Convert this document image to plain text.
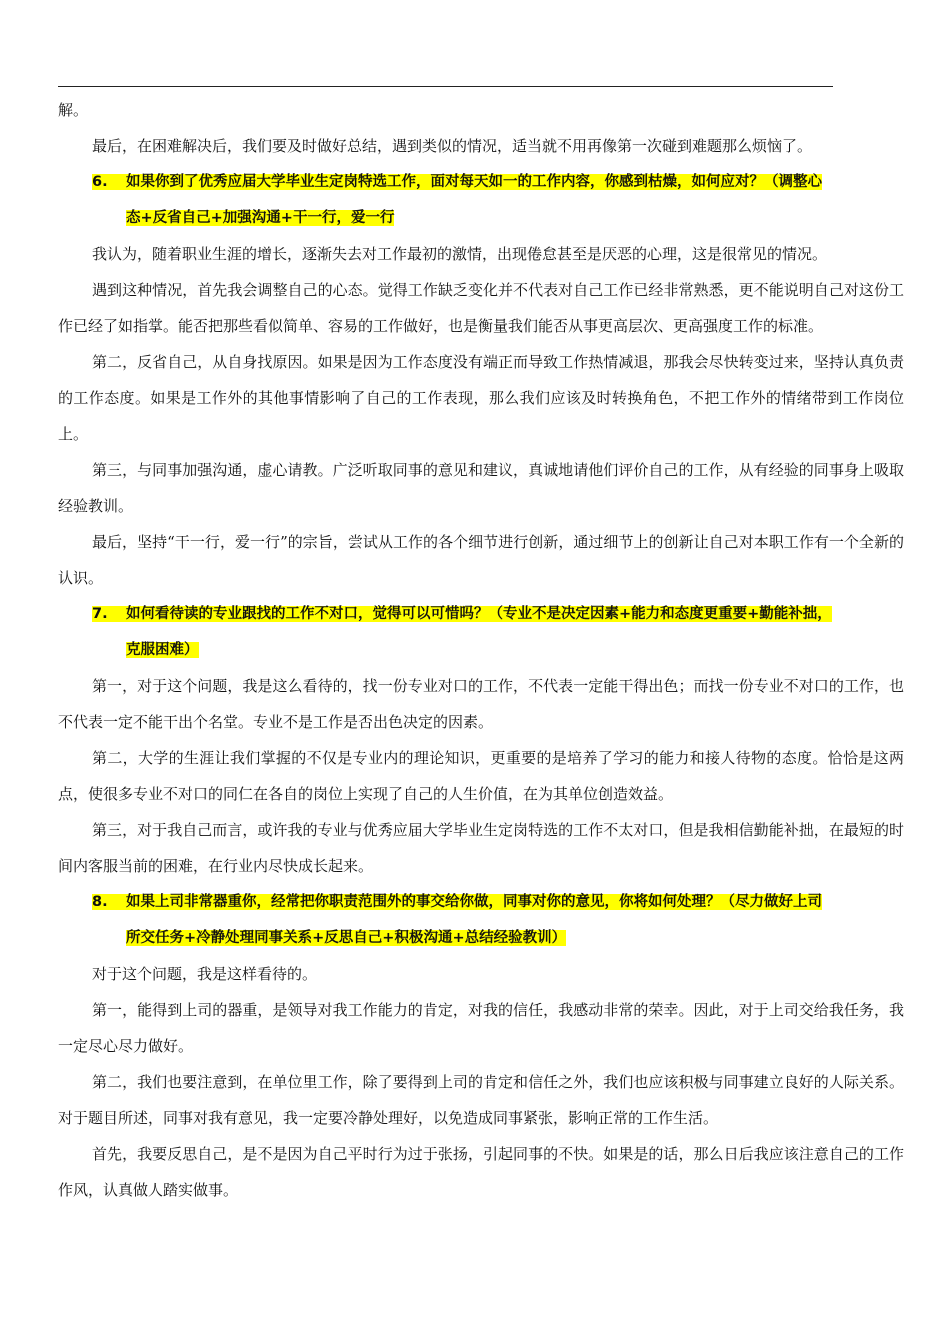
解。

最后，在困难解决后，我们要及时做好总结，遇到类似的情况，适当就不用再像第一次碰到难题那么烦恼了。

6. 如果你到了优秀应届大学毕业生定岗特选工作，面对每天如一的工作内容，你感到枯燥，如何应对？（调整心
态+反省自己+加强沟通+干一行，爱一行

我认为，随着职业生涯的增长，逐渐失去对工作最初的激情，出现倦怠甚至是厌恶的心理，这是很常见的情况。

遇到这种情况，首先我会调整自己的心态。觉得工作缺乏变化并不代表对自己工作已经非常熟悉，更不能说明自己对这份工作已经了如指掌。能否把那些看似简单、容易的工作做好，也是衡量我们能否从事更高层次、更高强度工作的标准。

第二，反省自己，从自身找原因。如果是因为工作态度没有端正而导致工作热情减退，那我会尽快转变过来，坚持认真负责的工作态度。如果是工作外的其他事情影响了自己的工作表现，那么我们应该及时转换角色，不把工作外的情绪带到工作岗位上。

第三，与同事加强沟通，虚心请教。广泛听取同事的意见和建议，真诚地请他们评价自己的工作，从有经验的同事身上吸取经验教训。

最后，坚持“干一行，爱一行”的宗旨，尝试从工作的各个细节进行创新，通过细节上的创新让自己对本职工作有一个全新的认识。

7. 如何看待读的专业跟找的工作不对口，觉得可以可惜吗？（专业不是决定因素+能力和态度更重要+勤能补拙，
克服困难）

第一，对于这个问题，我是这么看待的，找一份专业对口的工作，不代表一定能干得出色；而找一份专业不对口的工作，也不代表一定不能干出个名堂。专业不是工作是否出色决定的因素。

第二，大学的生涯让我们掌握的不仅是专业内的理论知识，更重要的是培养了学习的能力和接人待物的态度。恰恰是这两点，使很多专业不对口的同仁在各自的岗位上实现了自己的人生价值，在为其单位创造效益。

第三，对于我自己而言，或许我的专业与优秀应届大学毕业生定岗特选的工作不太对口，但是我相信勤能补拙，在最短的时间内客服当前的困难，在行业内尽快成长起来。

8. 如果上司非常器重你，经常把你职责范围外的事交给你做，同事对你的意见，你将如何处理？（尽力做好上司
所交任务+冷静处理同事关系+反思自己+积极沟通+总结经验教训）

对于这个问题，我是这样看待的。

第一，能得到上司的器重，是领导对我工作能力的肯定，对我的信任，我感动非常的荣幸。因此，对于上司交给我任务，我一定尽心尽力做好。

第二，我们也要注意到，在单位里工作，除了要得到上司的肯定和信任之外，我们也应该积极与同事建立良好的人际关系。对于题目所述，同事对我有意见，我一定要冷静处理好，以免造成同事紧张，影响正常的工作生活。

首先，我要反思自己，是不是因为自己平时行为过于张扬，引起同事的不快。如果是的话，那么日后我应该注意自己的工作作风，认真做人踏实做事。
